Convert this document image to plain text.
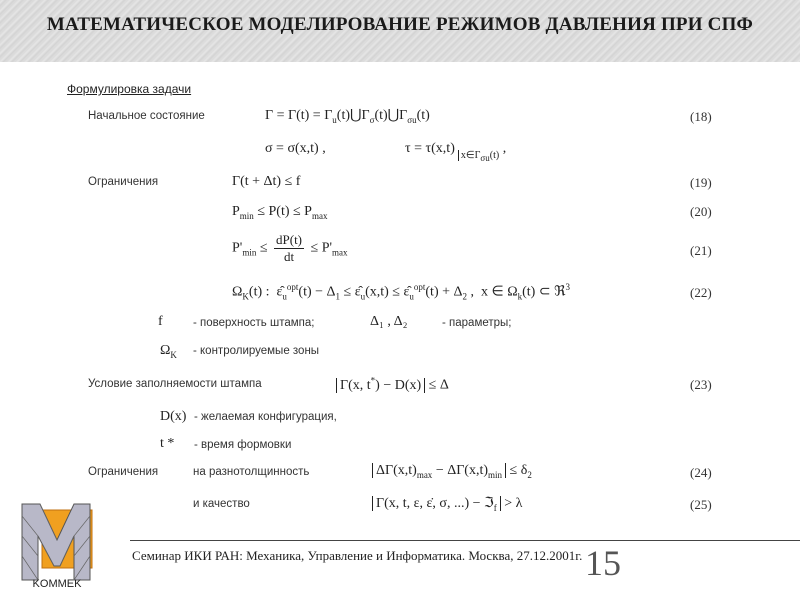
МАТЕМАТИЧЕСКОЕ МОДЕЛИРОВАНИЕ РЕЖИМОВ ДАВЛЕНИЯ ПРИ СПФ
Формулировка задачи
Начальное состояние	$\Gamma = \Gamma(t) = \Gamma_u(t)⋃\Gamma_\sigma(t)⋃\Gamma_{\sigma u}(t)$	(18)
σ = σ(x,t) ,	τ = τ(x,t) $_{x\in\Gamma_{\sigma u}(t)}$ ,
Ограничения	Γ(t + Δt) ≤ f	(19)
$P_{min} \le P(t) \le P_{max}$	(20)
$P'_{min} \le \frac{dP(t)}{dt} \le P'_{max}$	(21)
$\Omega_K(t)$ :  $\varepsilon̂_u^{opt}(t) - \Delta_1$ ≤ $\varepsilon̂_u(x,t)$ ≤ $\varepsilon̂_u^{opt}(t) + \Delta_2$ ,  x ∈ $\Omega_k(t)$ ⊂ ℜ$^3$	(22)
f	- поверхность штампа;	Δ₁ , Δ₂	- параметры;
$\Omega_K$ - контролируемые зоны
Условие заполняемости штампа	Γ(x, t*) − D(x) ≤ Δ	(23)
D(x) - желаемая конфигурация,
t * - время формовки
Ограничения	на разнотолщинность	$\Delta\Gamma(x,t)_{max} - \Delta\Gamma(x,t)_{min} \le \delta_2$	(24)
и качество	Γ(x, t, ε, ε̇, σ, ...) − ℑ$_f$ > λ	(25)
15
Семинар ИКИ РАН: Механика, Управление и Информатика. Москва, 27.12.2001г.
KOMMEK
